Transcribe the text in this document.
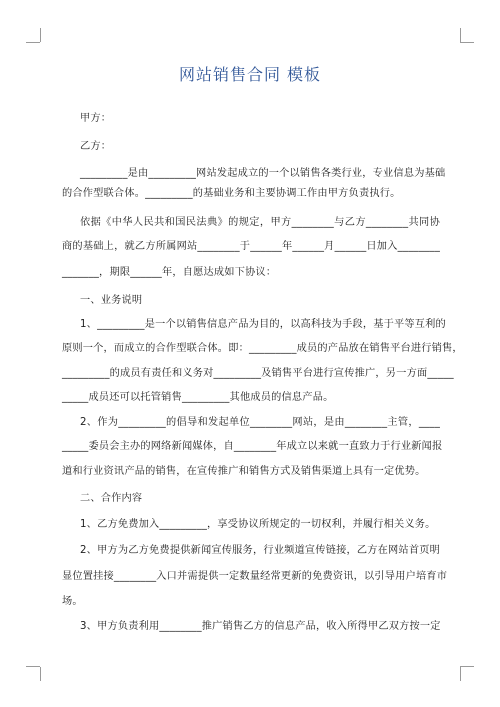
网站销售合同 模板
甲方：
乙方：
_________是由_________网站发起成立的一个以销售各类行业，专业信息为基础
的合作型联合体。_________的基础业务和主要协调工作由甲方负责执行。
依据《中华人民共和国民法典》的规定，甲方________与乙方________共同协
商的基础上，就乙方所属网站________于______年______月______日加入________
_______，期限______年，自愿达成如下协议：
一、业务说明
1、_________是一个以销售信息产品为目的，以高科技为手段，基于平等互利的
原则一个，而成立的合作型联合体。即：_________成员的产品放在销售平台进行销售，
_________的成员有责任和义务对_________及销售平台进行宣传推广，另一方面_____
_____成员还可以托管销售_________其他成员的信息产品。
2、作为_________的倡导和发起单位________网站，是由________主管，____
_____委员会主办的网络新闻媒体，自________年成立以来就一直致力于行业新闻报
道和行业资讯产品的销售，在宣传推广和销售方式及销售渠道上具有一定优势。
二、合作内容
1、乙方免费加入_________，享受协议所规定的一切权利，并履行相关义务。
2、甲方为乙方免费提供新闻宣传服务，行业频道宣传链接，乙方在网站首页明
显位置挂接________入口并需提供一定数量经常更新的免费资讯，以引导用户培育市
场。
3、甲方负责利用________推广销售乙方的信息产品，收入所得甲乙双方按一定
